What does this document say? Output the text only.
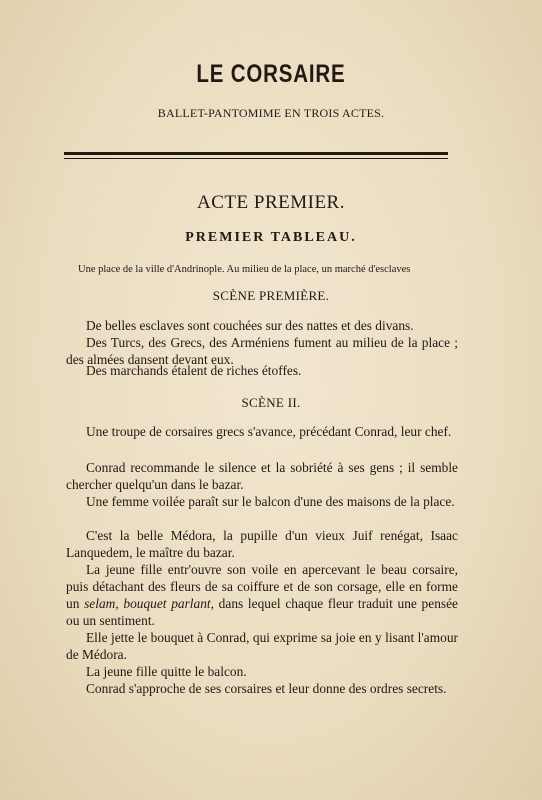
LE CORSAIRE
BALLET-PANTOMIME EN TROIS ACTES.
ACTE PREMIER.
PREMIER TABLEAU.
Une place de la ville d'Andrinople. Au milieu de la place, un marché d'esclaves
SCÈNE PREMIÈRE.
De belles esclaves sont couchées sur des nattes et des divans.
Des Turcs, des Grecs, des Arméniens fument au milieu de la place ; des almées dansent devant eux.
Des marchands étalent de riches étoffes.
SCÈNE II.
Une troupe de corsaires grecs s'avance, précédant Conrad, leur chef.
Conrad recommande le silence et la sobriété à ses gens ; il semble chercher quelqu'un dans le bazar.
Une femme voilée paraît sur le balcon d'une des maisons de la place.
C'est la belle Médora, la pupille d'un vieux Juif renégat, Isaac Lanquedem, le maître du bazar.
La jeune fille entr'ouvre son voile en apercevant le beau corsaire, puis détachant des fleurs de sa coiffure et de son corsage, elle en forme un selam, bouquet parlant, dans lequel chaque fleur traduit une pensée ou un sentiment.
Elle jette le bouquet à Conrad, qui exprime sa joie en y lisant l'amour de Médora.
La jeune fille quitte le balcon.
Conrad s'approche de ses corsaires et leur donne des ordres secrets.
